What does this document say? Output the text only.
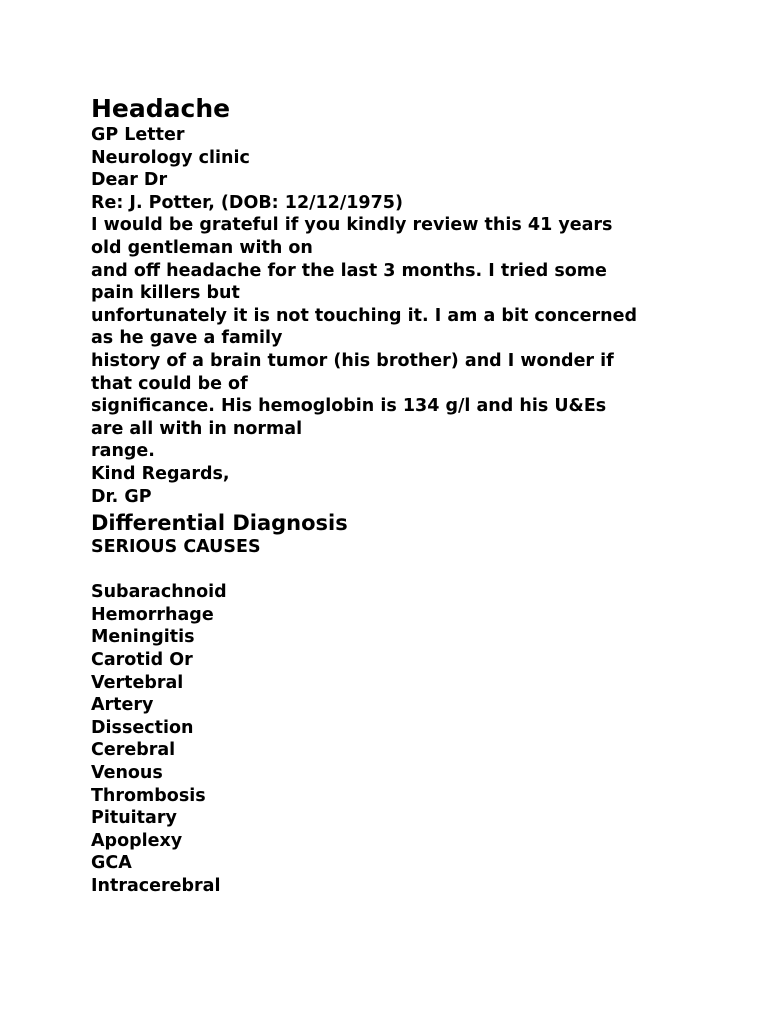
Headache

GP Letter

Neurology clinic

Dear Dr

Re: J. Potter, (DOB: 12/12/1975)

I would be grateful if you kindly review this 41 years

old gentleman with on

and off headache for the last 3 months. I tried some

pain killers but

unfortunately it is not touching it. I am a bit concerned

as he gave a family

history of a brain tumor (his brother) and I wonder if

that could be of

significance. His hemoglobin is 134 g/l and his U&Es

are all with in normal

range.

Kind Regards,

Dr. GP

Differential Diagnosis

SERIOUS CAUSES

Subarachnoid

Hemorrhage

Meningitis

Carotid Or

Vertebral

Artery

Dissection

Cerebral

Venous

Thrombosis

Pituitary

Apoplexy

GCA

Intracerebral
